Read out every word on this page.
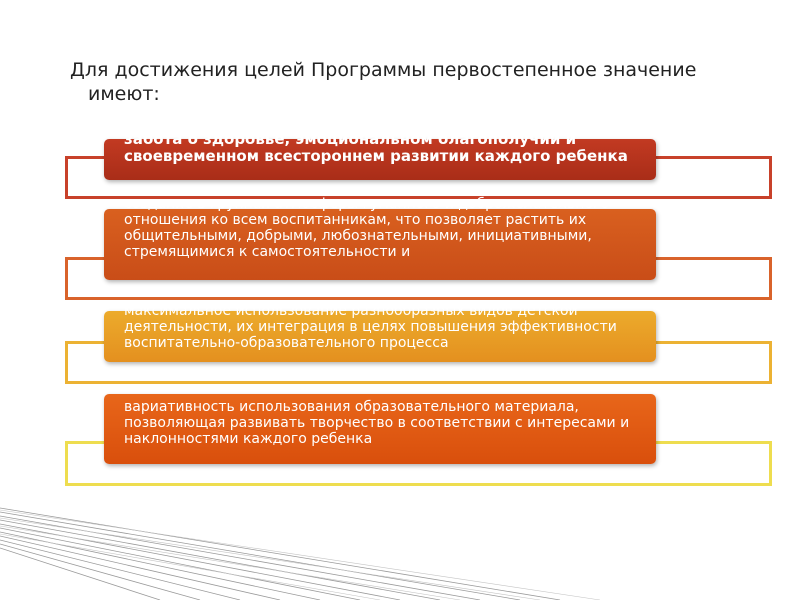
Для достижения целей Программы первостепенное значение
имеют:
забота о здоровье, эмоциональном благополучии и своевременном всестороннем развитии каждого ребенка
создание в группах атмосферы гуманного и доброжелательного отношения ко всем воспитанникам, что позволяет растить их общительными, добрыми, любознательными, инициативными, стремящимися к самостоятельности и
максимальное использование разнообразных видов детской деятельности, их интеграция в целях повышения эффективности воспитательно-образовательного процесса
вариативность использования образовательного материала, позволяющая развивать творчество в соответствии с интересами и наклонностями каждого ребенка
